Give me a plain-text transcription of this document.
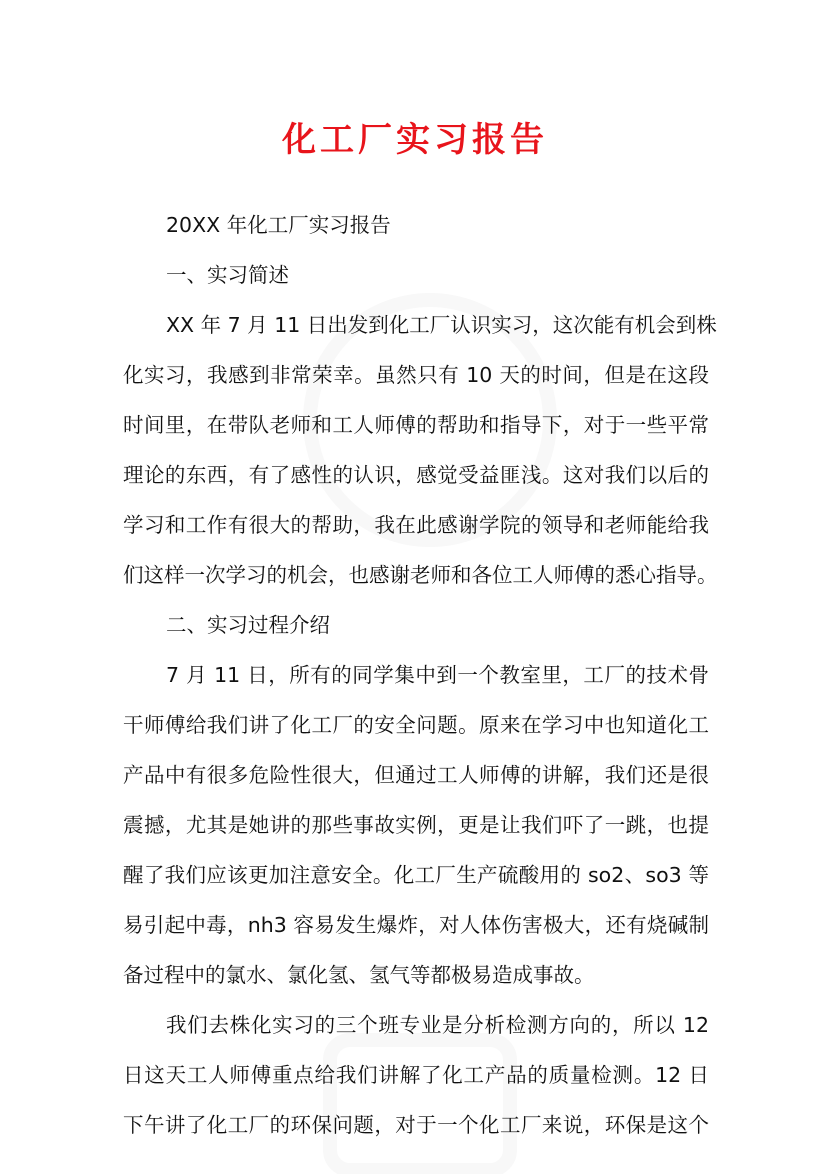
化工厂实习报告
20XX 年化工厂实习报告
一、实习简述
XX 年 7 月 11 日出发到化工厂认识实习，这次能有机会到株
化实习，我感到非常荣幸。虽然只有 10 天的时间，但是在这段
时间里，在带队老师和工人师傅的帮助和指导下，对于一些平常
理论的东西，有了感性的认识，感觉受益匪浅。这对我们以后的
学习和工作有很大的帮助，我在此感谢学院的领导和老师能给我
们这样一次学习的机会，也感谢老师和各位工人师傅的悉心指导。
二、实习过程介绍
7 月 11 日，所有的同学集中到一个教室里，工厂的技术骨
干师傅给我们讲了化工厂的安全问题。原来在学习中也知道化工
产品中有很多危险性很大，但通过工人师傅的讲解，我们还是很
震撼，尤其是她讲的那些事故实例，更是让我们吓了一跳，也提
醒了我们应该更加注意安全。化工厂生产硫酸用的 so2、so3 等
易引起中毒，nh3 容易发生爆炸，对人体伤害极大，还有烧碱制
备过程中的氯水、氯化氢、氢气等都极易造成事故。
我们去株化实习的三个班专业是分析检测方向的，所以 12
日这天工人师傅重点给我们讲解了化工产品的质量检测。12 日
下午讲了化工厂的环保问题，对于一个化工厂来说，环保是这个
